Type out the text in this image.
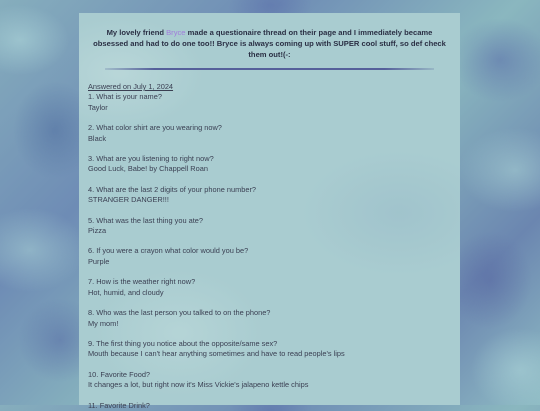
My lovely friend Bryce made a questionaire thread on their page and I immediately became obsessed and had to do one too!! Bryce is always coming up with SUPER cool stuff, so def check them out!(-:
Answered on July 1, 2024
1. What is your name?
Taylor
2. What color shirt are you wearing now?
Black
3. What are you listening to right now?
Good Luck, Babe! by Chappell Roan
4. What are the last 2 digits of your phone number?
STRANGER DANGER!!!
5. What was the last thing you ate?
Pizza
6. If you were a crayon what color would you be?
Purple
7. How is the weather right now?
Hot, humid, and cloudy
8. Who was the last person you talked to on the phone?
My mom!
9. The first thing you notice about the opposite/same sex?
Mouth because I can't hear anything sometimes and have to read people's lips
10. Favorite Food?
It changes a lot, but right now it's Miss Vickie's jalapeno kettle chips
11. Favorite Drink?
